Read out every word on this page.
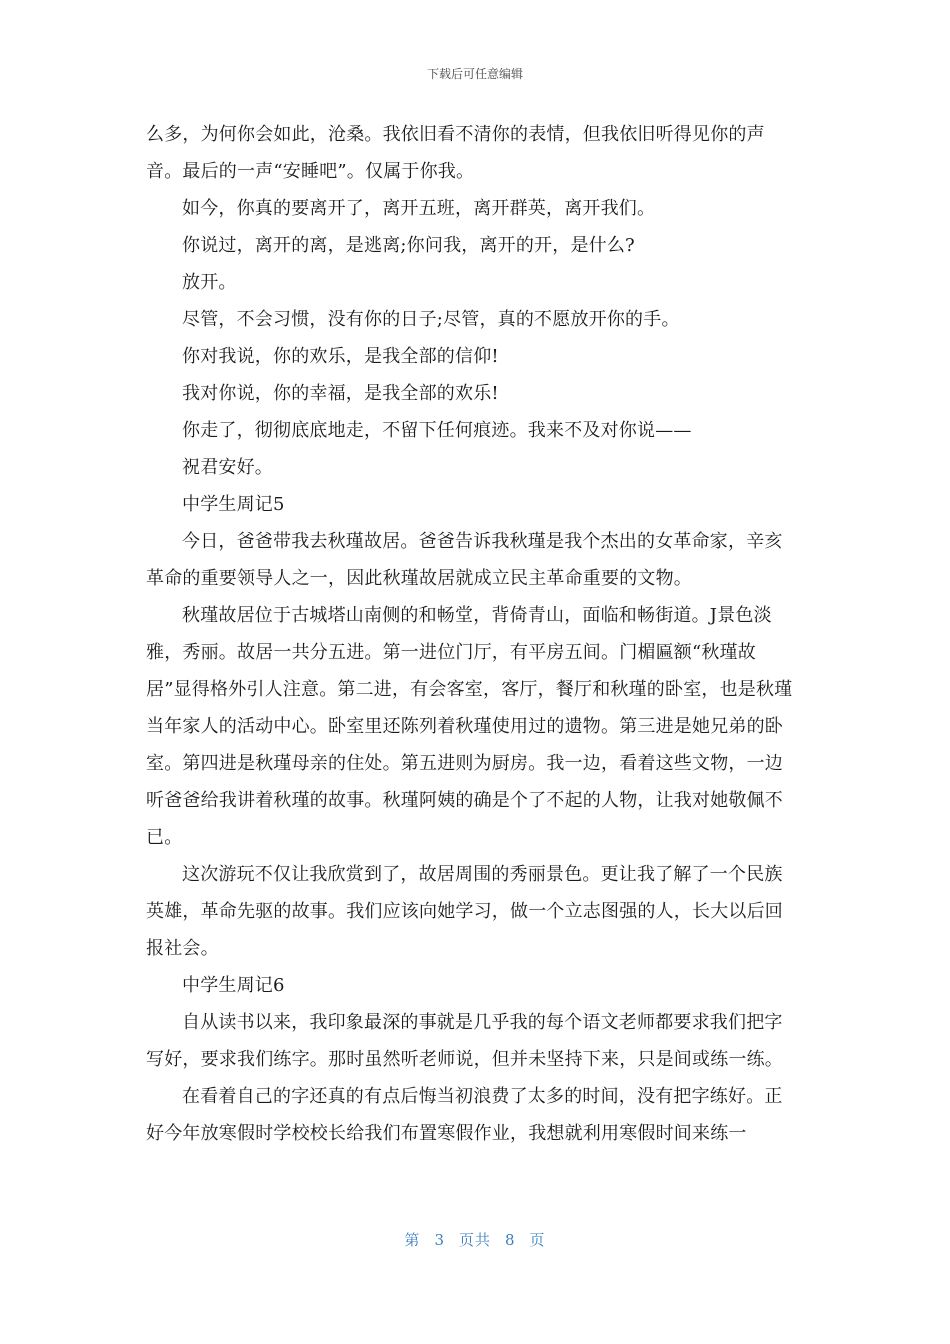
下载后可任意编辑

么多，为何你会如此，沧桑。我依旧看不清你的表情，但我依旧听得见你的声音。最后的一声“安睡吧”。仅属于你我。

如今，你真的要离开了，离开五班，离开群英，离开我们。

你说过，离开的离，是逃离;你问我，离开的开，是什么?

放开。

尽管，不会习惯，没有你的日子;尽管，真的不愿放开你的手。

你对我说，你的欢乐，是我全部的信仰!

我对你说，你的幸福，是我全部的欢乐!

你走了，彻彻底底地走，不留下任何痕迹。我来不及对你说——

祝君安好。

中学生周记5

今日，爸爸带我去秋瑾故居。爸爸告诉我秋瑾是我个杰出的女革命家，辛亥革命的重要领导人之一，因此秋瑾故居就成立民主革命重要的文物。

秋瑾故居位于古城塔山南侧的和畅堂，背倚青山，面临和畅街道。J景色淡雅，秀丽。故居一共分五进。第一进位门厅，有平房五间。门楣匾额“秋瑾故居”显得格外引人注意。第二进，有会客室，客厅，餐厅和秋瑾的卧室，也是秋瑾当年家人的活动中心。卧室里还陈列着秋瑾使用过的遗物。第三进是她兄弟的卧室。第四进是秋瑾母亲的住处。第五进则为厨房。我一边，看着这些文物，一边听爸爸给我讲着秋瑾的故事。秋瑾阿姨的确是个了不起的人物，让我对她敬佩不已。

这次游玩不仅让我欣赏到了，故居周围的秀丽景色。更让我了解了一个民族英雄，革命先驱的故事。我们应该向她学习，做一个立志图强的人，长大以后回报社会。

中学生周记6

自从读书以来，我印象最深的事就是几乎我的每个语文老师都要求我们把字写好，要求我们练字。那时虽然听老师说，但并未坚持下来，只是间或练一练。

在看着自己的字还真的有点后悔当初浪费了太多的时间，没有把字练好。正好今年放寒假时学校校长给我们布置寒假作业，我想就利用寒假时间来练一

第 3 页共 8 页
